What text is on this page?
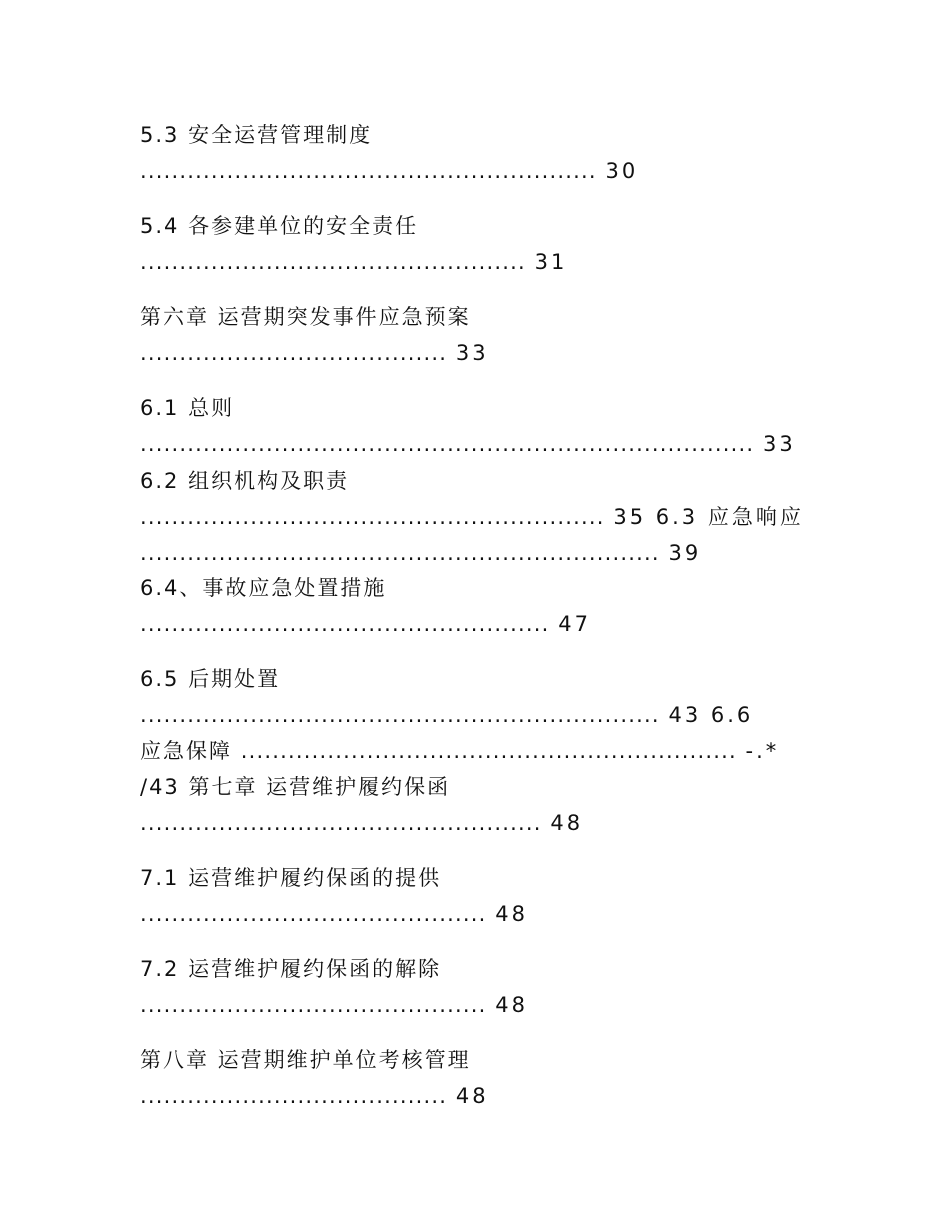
5.3 安全运营管理制度
.......................................................... 30
5.4 各参建单位的安全责任
................................................. 31
第六章 运营期突发事件应急预案
....................................... 33
6.1 总则
.............................................................................. 33
6.2 组织机构及职责
........................................................... 35 6.3 应急响应
.................................................................. 39
6.4、事故应急处置措施
.................................................... 47
6.5 后期处置
.................................................................. 43 6.6
应急保障 ............................................................... -.*
/43 第七章 运营维护履约保函
................................................... 48
7.1 运营维护履约保函的提供
............................................ 48
7.2 运营维护履约保函的解除
............................................ 48
第八章 运营期维护单位考核管理
....................................... 48
